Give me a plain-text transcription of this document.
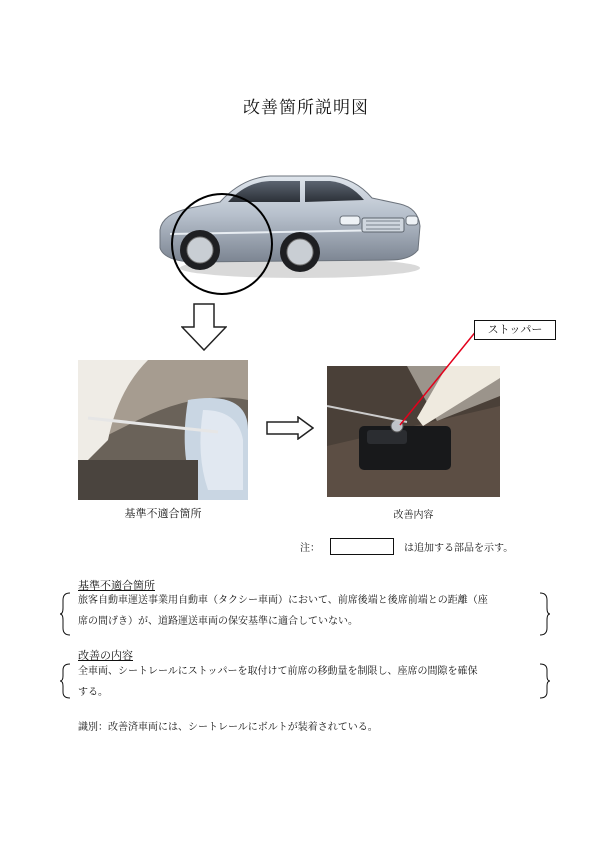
改善箇所説明図
ストッパー
基準不適合箇所	改善内容
注：	は追加する部品を示す。
基準不適合箇所
旅客自動車運送事業用自動車（タクシー車両）において、前席後端と後席前端との距離（座
席の間げき）が、道路運送車両の保安基準に適合していない。
改善の内容
全車両、シートレールにストッパーを取付けて前席の移動量を制限し、座席の間隙を確保
する。
識別：改善済車両には、シートレールにボルトが装着されている。
